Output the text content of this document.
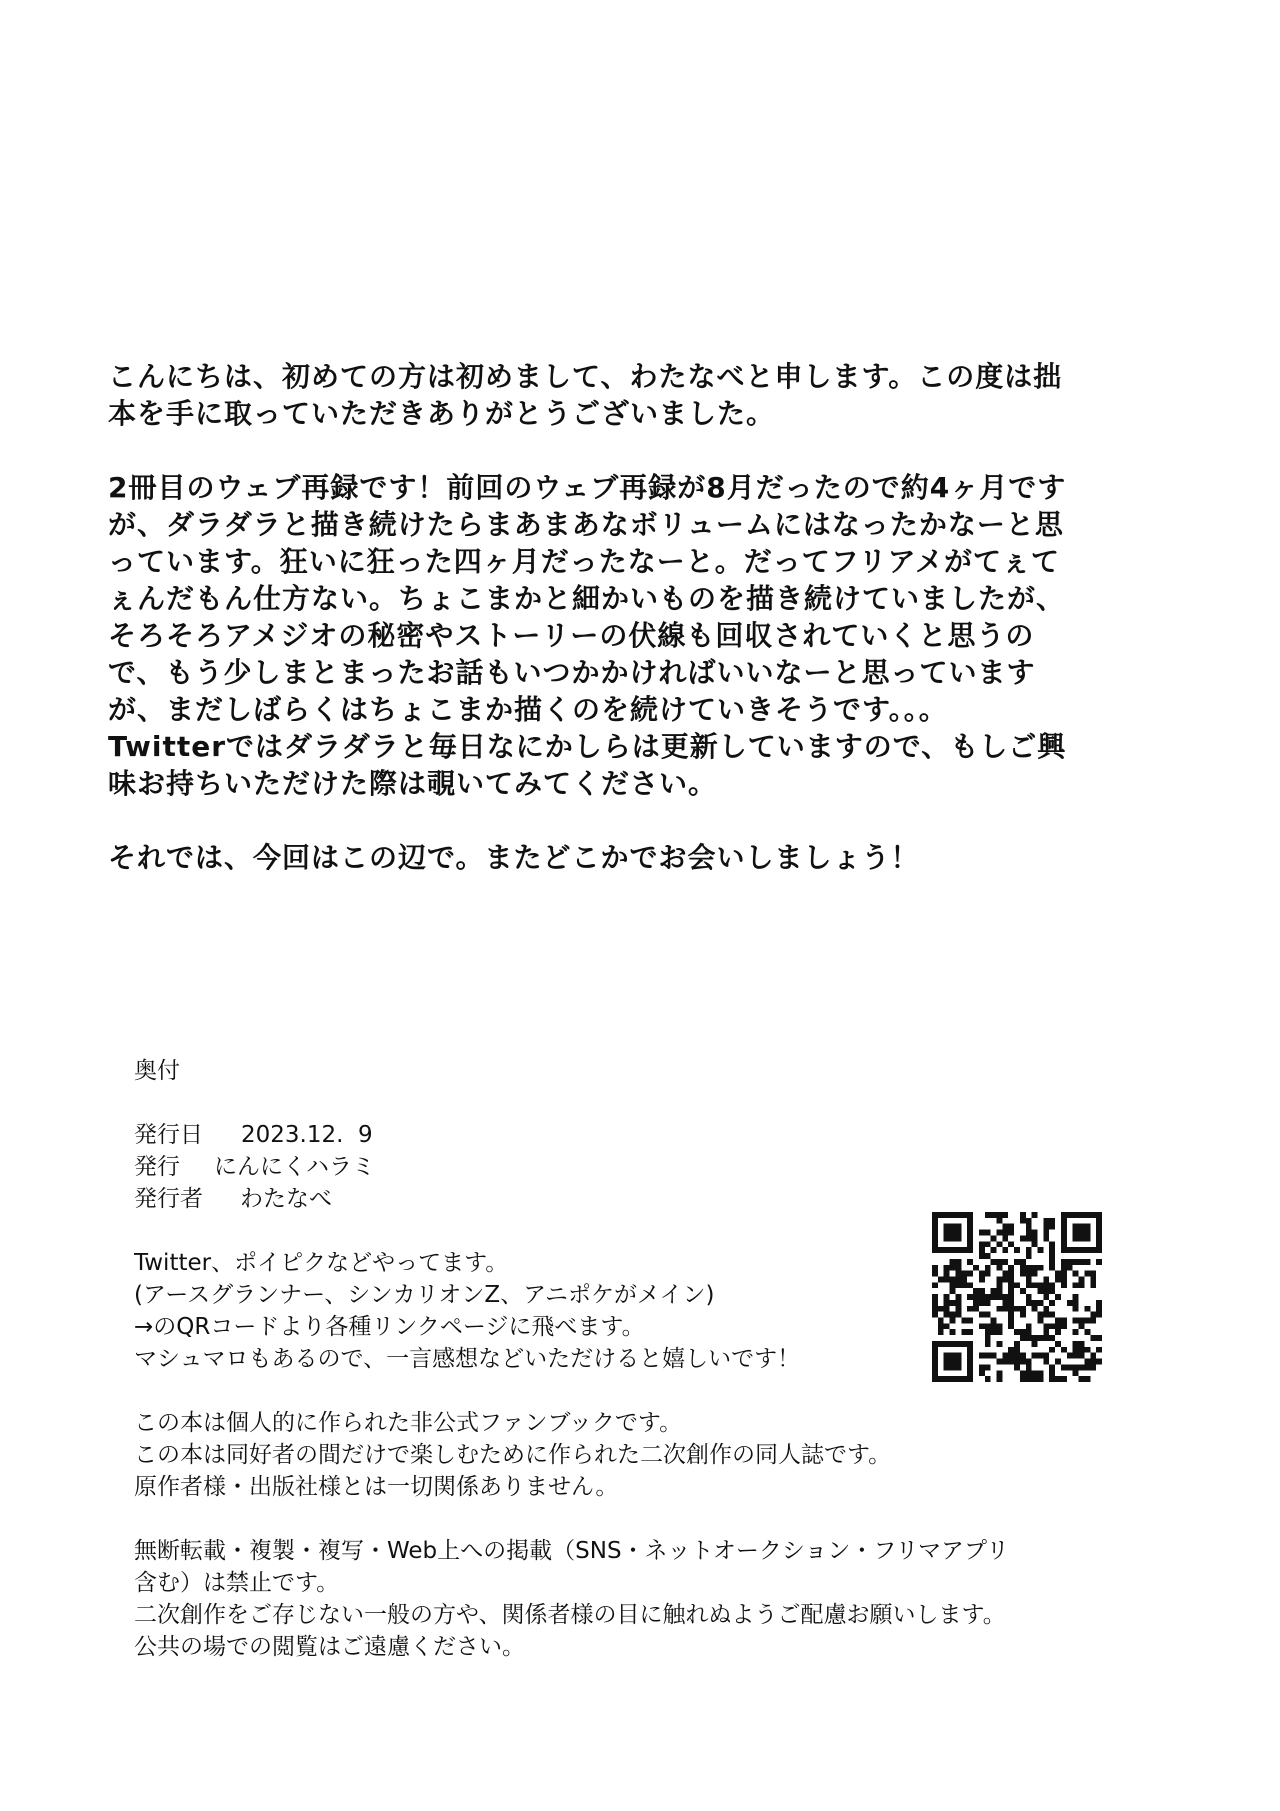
こんにちは、初めての方は初めまして、わたなべと申します。この度は拙
本を手に取っていただきありがとうございました。

2冊目のウェブ再録です！前回のウェブ再録が8月だったので約4ヶ月です
が、ダラダラと描き続けたらまあまあなボリュームにはなったかなーと思
っています。狂いに狂った四ヶ月だったなーと。だってフリアメがてぇて
ぇんだもん仕方ない。ちょこまかと細かいものを描き続けていましたが、
そろそろアメジオの秘密やストーリーの伏線も回収されていくと思うの
で、もう少しまとまったお話もいつかかければいいなーと思っています
が、まだしばらくはちょこまか描くのを続けていきそうです。。。
Twitterではダラダラと毎日なにかしらは更新していますので、もしご興
味お持ちいただけた際は覗いてみてください。

それでは、今回はこの辺で。またどこかでお会いしましょう！

奥付
発行日 2023.12.  9
発行 にんにくハラミ
発行者 わたなべ
Twitter、ポイピクなどやってます。
(アースグランナー、シンカリオンZ、アニポケがメイン)
→のQRコードより各種リンクページに飛べます。
マシュマロもあるので、一言感想などいただけると嬉しいです！
この本は個人的に作られた非公式ファンブックです。
この本は同好者の間だけで楽しむために作られた二次創作の同人誌です。
原作者様・出版社様とは一切関係ありません。
無断転載・複製・複写・Web上への掲載（SNS・ネットオークション・フリマアプリ
含む）は禁止です。
二次創作をご存じない一般の方や、関係者様の目に触れぬようご配慮お願いします。
公共の場での閲覧はご遠慮ください。
